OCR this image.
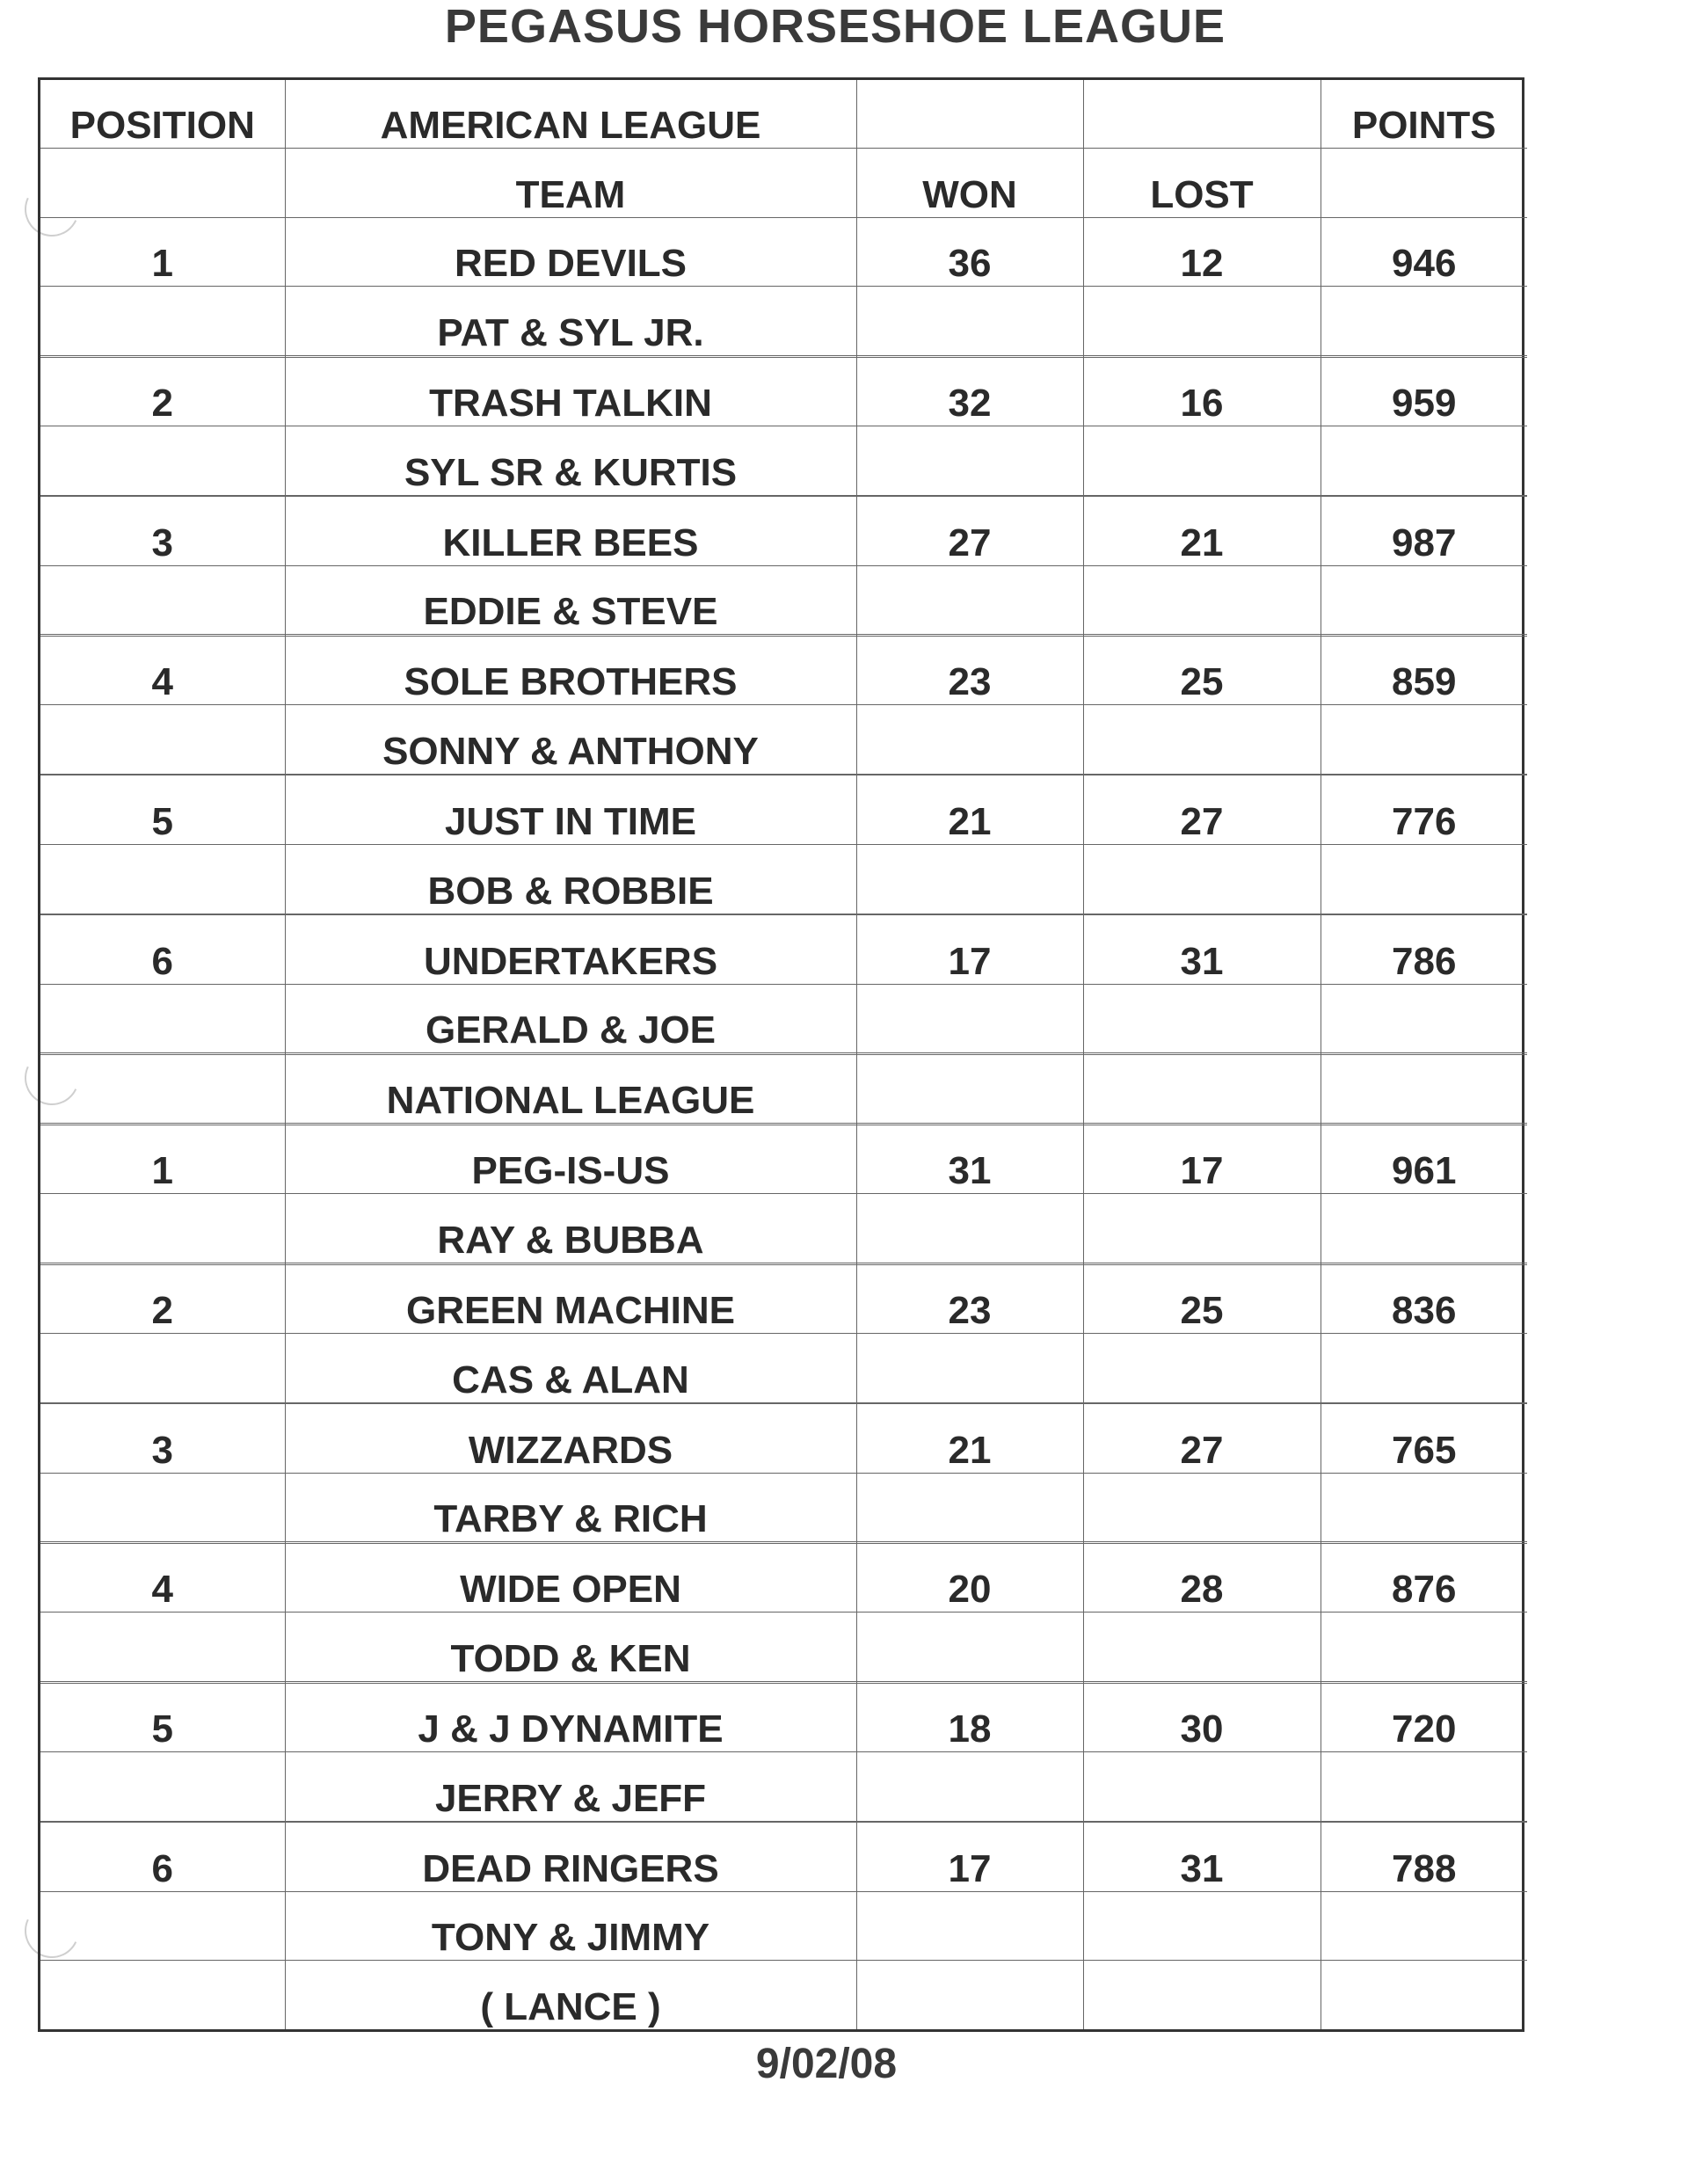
PEGASUS HORSESHOE LEAGUE
POSITION	AMERICAN LEAGUE			POINTS
	TEAM	WON	LOST	
1	RED DEVILS	36	12	946
	PAT & SYL JR.			

2	TRASH TALKIN	32	16	959
	SYL SR & KURTIS			

3	KILLER BEES	27	21	987
	EDDIE & STEVE			

4	SOLE BROTHERS	23	25	859
	SONNY & ANTHONY			

5	JUST IN TIME	21	27	776
	BOB & ROBBIE			

6	UNDERTAKERS	17	31	786
	GERALD & JOE			

	NATIONAL LEAGUE			

1	PEG-IS-US	31	17	961
	RAY & BUBBA			

2	GREEN MACHINE	23	25	836
	CAS & ALAN			

3	WIZZARDS	21	27	765
	TARBY & RICH			

4	WIDE OPEN	20	28	876
	TODD & KEN			

5	J & J DYNAMITE	18	30	720
	JERRY & JEFF			

6	DEAD RINGERS	17	31	788
	TONY & JIMMY			
	( LANCE )			
9/02/08
